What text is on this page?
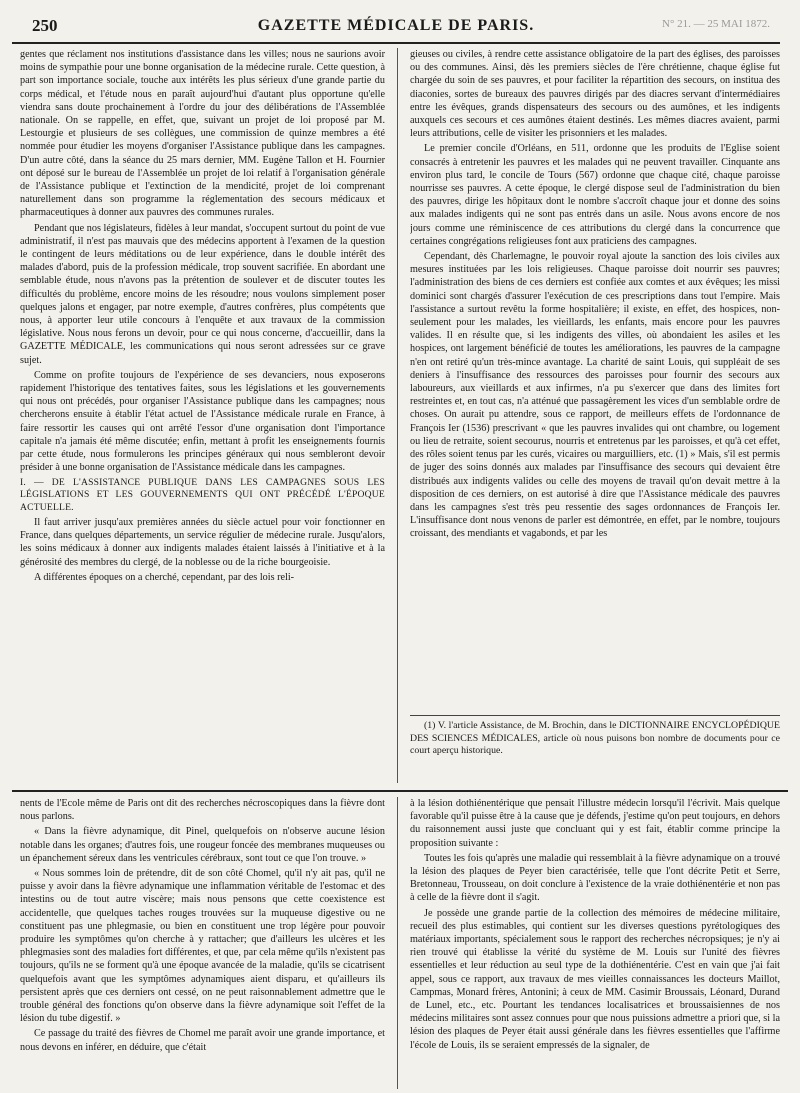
250	GAZETTE MÉDICALE DE PARIS.	N° 21. — 25 MAI 1872.

gentes que réclament nos institutions d'assistance dans les villes; nous ne saurions avoir moins de sympathie pour une bonne organisation de la médecine rurale. Cette question, à part son importance sociale, touche aux intérêts les plus sérieux d'une grande partie du corps médical, et l'étude nous en paraît aujourd'hui d'autant plus opportune qu'elle viendra sans doute prochainement à l'ordre du jour des délibérations de l'Assemblée nationale. On se rappelle, en effet, que, suivant un projet de loi proposé par M. Lestourgie et plusieurs de ses collègues, une commission de quinze membres a été nommée pour étudier les moyens d'organiser l'Assistance publique dans les campagnes. D'un autre côté, dans la séance du 25 mars dernier, MM. Eugène Tallon et H. Fournier ont déposé sur le bureau de l'Assemblée un projet de loi relatif à l'organisation générale de l'Assistance publique et l'extinction de la mendicité, projet de loi comprenant naturellement dans son programme la réglementation des secours médicaux et pharmaceutiques à donner aux pauvres des communes rurales.

Pendant que nos législateurs, fidèles à leur mandat, s'occupent surtout du point de vue administratif, il n'est pas mauvais que des médecins apportent à l'examen de la question le contingent de leurs méditations ou de leur expérience, dans le double intérêt des malades d'abord, puis de la profession médicale, trop souvent sacrifiée. En abordant une semblable étude, nous n'avons pas la prétention de soulever et de discuter toutes les difficultés du problème, encore moins de les résoudre; nous voulons simplement poser quelques jalons et engager, par notre exemple, d'autres confrères, plus compétents que nous, à apporter leur utile concours à l'enquête et aux travaux de la commission législative. Nous nous ferons un devoir, pour ce qui nous concerne, d'accueillir, dans la GAZETTE MÉDICALE, les communications qui nous seront adressées sur ce grave sujet.

Comme on profite toujours de l'expérience de ses devanciers, nous exposerons rapidement l'historique des tentatives faites, sous les législations et les gouvernements qui nous ont précédés, pour organiser l'Assistance publique dans les campagnes; nous chercherons ensuite à établir l'état actuel de l'Assistance médicale rurale en France, à faire ressortir les causes qui ont arrêté l'essor d'une organisation dont l'importance capitale n'a jamais été même discutée; enfin, mettant à profit les enseignements fournis par cette étude, nous formulerons les principes généraux qui nous sembleront devoir présider à une bonne organisation de l'Assistance médicale dans les campagnes.

I. — DE L'ASSISTANCE PUBLIQUE DANS LES CAMPAGNES SOUS LES LÉGISLATIONS ET LES GOUVERNEMENTS QUI ONT PRÉCÉDÉ L'ÉPOQUE ACTUELLE.

Il faut arriver jusqu'aux premières années du siècle actuel pour voir fonctionner en France, dans quelques départements, un service régulier de médecine rurale. Jusqu'alors, les soins médicaux à donner aux indigents malades étaient laissés à l'initiative et à la générosité des membres du clergé, de la noblesse ou de la riche bourgeoisie.

A différentes époques on a cherché, cependant, par des lois reli-

gieuses ou civiles, à rendre cette assistance obligatoire de la part des églises, des paroisses ou des communes. Ainsi, dès les premiers siècles de l'ère chrétienne, chaque église fut chargée du soin de ses pauvres, et pour faciliter la répartition des secours, on institua des diaconies, sortes de bureaux des pauvres dirigés par des diacres servant d'intermédiaires entre les évêques, grands dispensateurs des secours ou des aumônes, et les indigents auxquels ces secours et ces aumônes étaient destinés. Les mêmes diacres avaient, parmi leurs attributions, celle de visiter les prisonniers et les malades.

Le premier concile d'Orléans, en 511, ordonne que les produits de l'Eglise soient consacrés à entretenir les pauvres et les malades qui ne peuvent travailler. Cinquante ans environ plus tard, le concile de Tours (567) ordonne que chaque cité, chaque paroisse nourrisse ses pauvres. A cette époque, le clergé dispose seul de l'administration du bien des pauvres, dirige les hôpitaux dont le nombre s'accroît chaque jour et donne des soins aux malades indigents qui ne sont pas entrés dans un asile. Nous avons encore de nos jours comme une réminiscence de ces attributions du clergé dans la concurrence que certaines congrégations religieuses font aux praticiens des campagnes.

Cependant, dès Charlemagne, le pouvoir royal ajoute la sanction des lois civiles aux mesures instituées par les lois religieuses. Chaque paroisse doit nourrir ses pauvres; l'administration des biens de ces derniers est confiée aux comtes et aux évêques; les missi dominici sont chargés d'assurer l'exécution de ces prescriptions dans tout l'empire. Mais l'assistance a surtout revêtu la forme hospitalière; il existe, en effet, des hospices, non-seulement pour les malades, les vieillards, les enfants, mais encore pour les pauvres valides. Il en résulte que, si les indigents des villes, où abondaient les asiles et les hospices, ont largement bénéficié de toutes les améliorations, les pauvres de la campagne n'en ont retiré qu'un très-mince avantage. La charité de saint Louis, qui suppléait de ses deniers à l'insuffisance des ressources des paroisses pour fournir des secours aux laboureurs, aux vieillards et aux infirmes, n'a pu s'exercer que dans des limites fort restreintes et, en tout cas, n'a atténué que passagèrement les vices d'un semblable ordre de choses. On aurait pu attendre, sous ce rapport, de meilleurs effets de l'ordonnance de François Ier (1536) prescrivant « que les pauvres invalides qui ont chambre, ou logement ou lieu de retraite, soient secourus, nourris et entretenus par les paroisses, et qu'à cet effet, des rôles soient tenus par les curés, vicaires ou marguilliers, etc. (1) » Mais, s'il est permis de juger des soins donnés aux malades par l'insuffisance des secours qui devaient être distribués aux indigents valides ou celle des moyens de travail qu'on devait mettre à la disposition de ces derniers, on est autorisé à dire que l'Assistance médicale des pauvres dans les campagnes s'est très peu ressentie des sages ordonnances de François Ier. L'insuffisance dont nous venons de parler est démontrée, en effet, par le nombre, toujours croissant, des mendiants et vagabonds, et par les

(1) V. l'article Assistance, de M. Brochin, dans le DICTIONNAIRE ENCYCLOPÉDIQUE DES SCIENCES MÉDICALES, article où nous puisons bon nombre de documents pour ce court aperçu historique.

nents de l'Ecole même de Paris ont dit des recherches nécroscopiques dans la fièvre dont nous parlons.

« Dans la fièvre adynamique, dit Pinel, quelquefois on n'observe aucune lésion notable dans les organes; d'autres fois, une rougeur foncée des membranes muqueuses ou un épanchement séreux dans les ventricules cérébraux, sont tout ce que l'on trouve. »

« Nous sommes loin de prétendre, dit de son côté Chomel, qu'il n'y ait pas, qu'il ne puisse y avoir dans la fièvre adynamique une inflammation véritable de l'estomac et des intestins ou de tout autre viscère; mais nous pensons que cette coexistence est accidentelle, que quelques taches rouges trouvées sur la muqueuse digestive ou ne constituent pas une phlegmasie, ou bien en constituent une trop légère pour pouvoir produire les symptômes qu'on cherche à y rattacher; que d'ailleurs les ulcères et les phlegmasies sont des maladies fort différentes, et que, par cela même qu'ils n'existent pas toujours, qu'ils ne se forment qu'à une époque avancée de la maladie, qu'ils se cicatrisent quelquefois avant que les symptômes adynamiques aient disparu, et qu'ailleurs ils persistent après que ces derniers ont cessé, on ne peut raisonnablement admettre que le trouble général des fonctions qu'on observe dans la fièvre adynamique soit l'effet de la lésion du tube digestif. »

Ce passage du traité des fièvres de Chomel me paraît avoir une grande importance, et nous devons en inférer, en déduire, que c'était

à la lésion dothiénentérique que pensait l'illustre médecin lorsqu'il l'écrivit. Mais quelque favorable qu'il puisse être à la cause que je défends, j'estime qu'on peut toujours, en dehors du raisonnement aussi juste que concluant qui y est fait, établir comme principe la proposition suivante :

Toutes les fois qu'après une maladie qui ressemblait à la fièvre adynamique on a trouvé la lésion des plaques de Peyer bien caractérisée, telle que l'ont décrite Petit et Serre, Bretonneau, Trousseau, on doit conclure à l'existence de la vraie dothiénentérie et non pas à celle de la fièvre dont il s'agit.

Je possède une grande partie de la collection des mémoires de médecine militaire, recueil des plus estimables, qui contient sur les diverses questions pyrétologiques des matériaux importants, spécialement sous le rapport des recherches nécropsiques; je n'y ai rien trouvé qui établisse la vérité du système de M. Louis sur l'unité des fièvres essentielles et leur réduction au seul type de la dothiénentérie. C'est en vain que j'ai fait appel, sous ce rapport, aux travaux de mes vieilles connaissances les docteurs Maillot, Campmas, Monard frères, Antonini; à ceux de MM. Casimir Broussais, Léonard, Durand de Lunel, etc., etc. Pourtant les tendances localisatrices et broussaisiennes de nos médecins militaires sont assez connues pour que nous puissions admettre a priori que, si la lésion des plaques de Peyer était aussi générale dans les fièvres essentielles que l'affirme l'école de Louis, ils se seraient empressés de la signaler, de
